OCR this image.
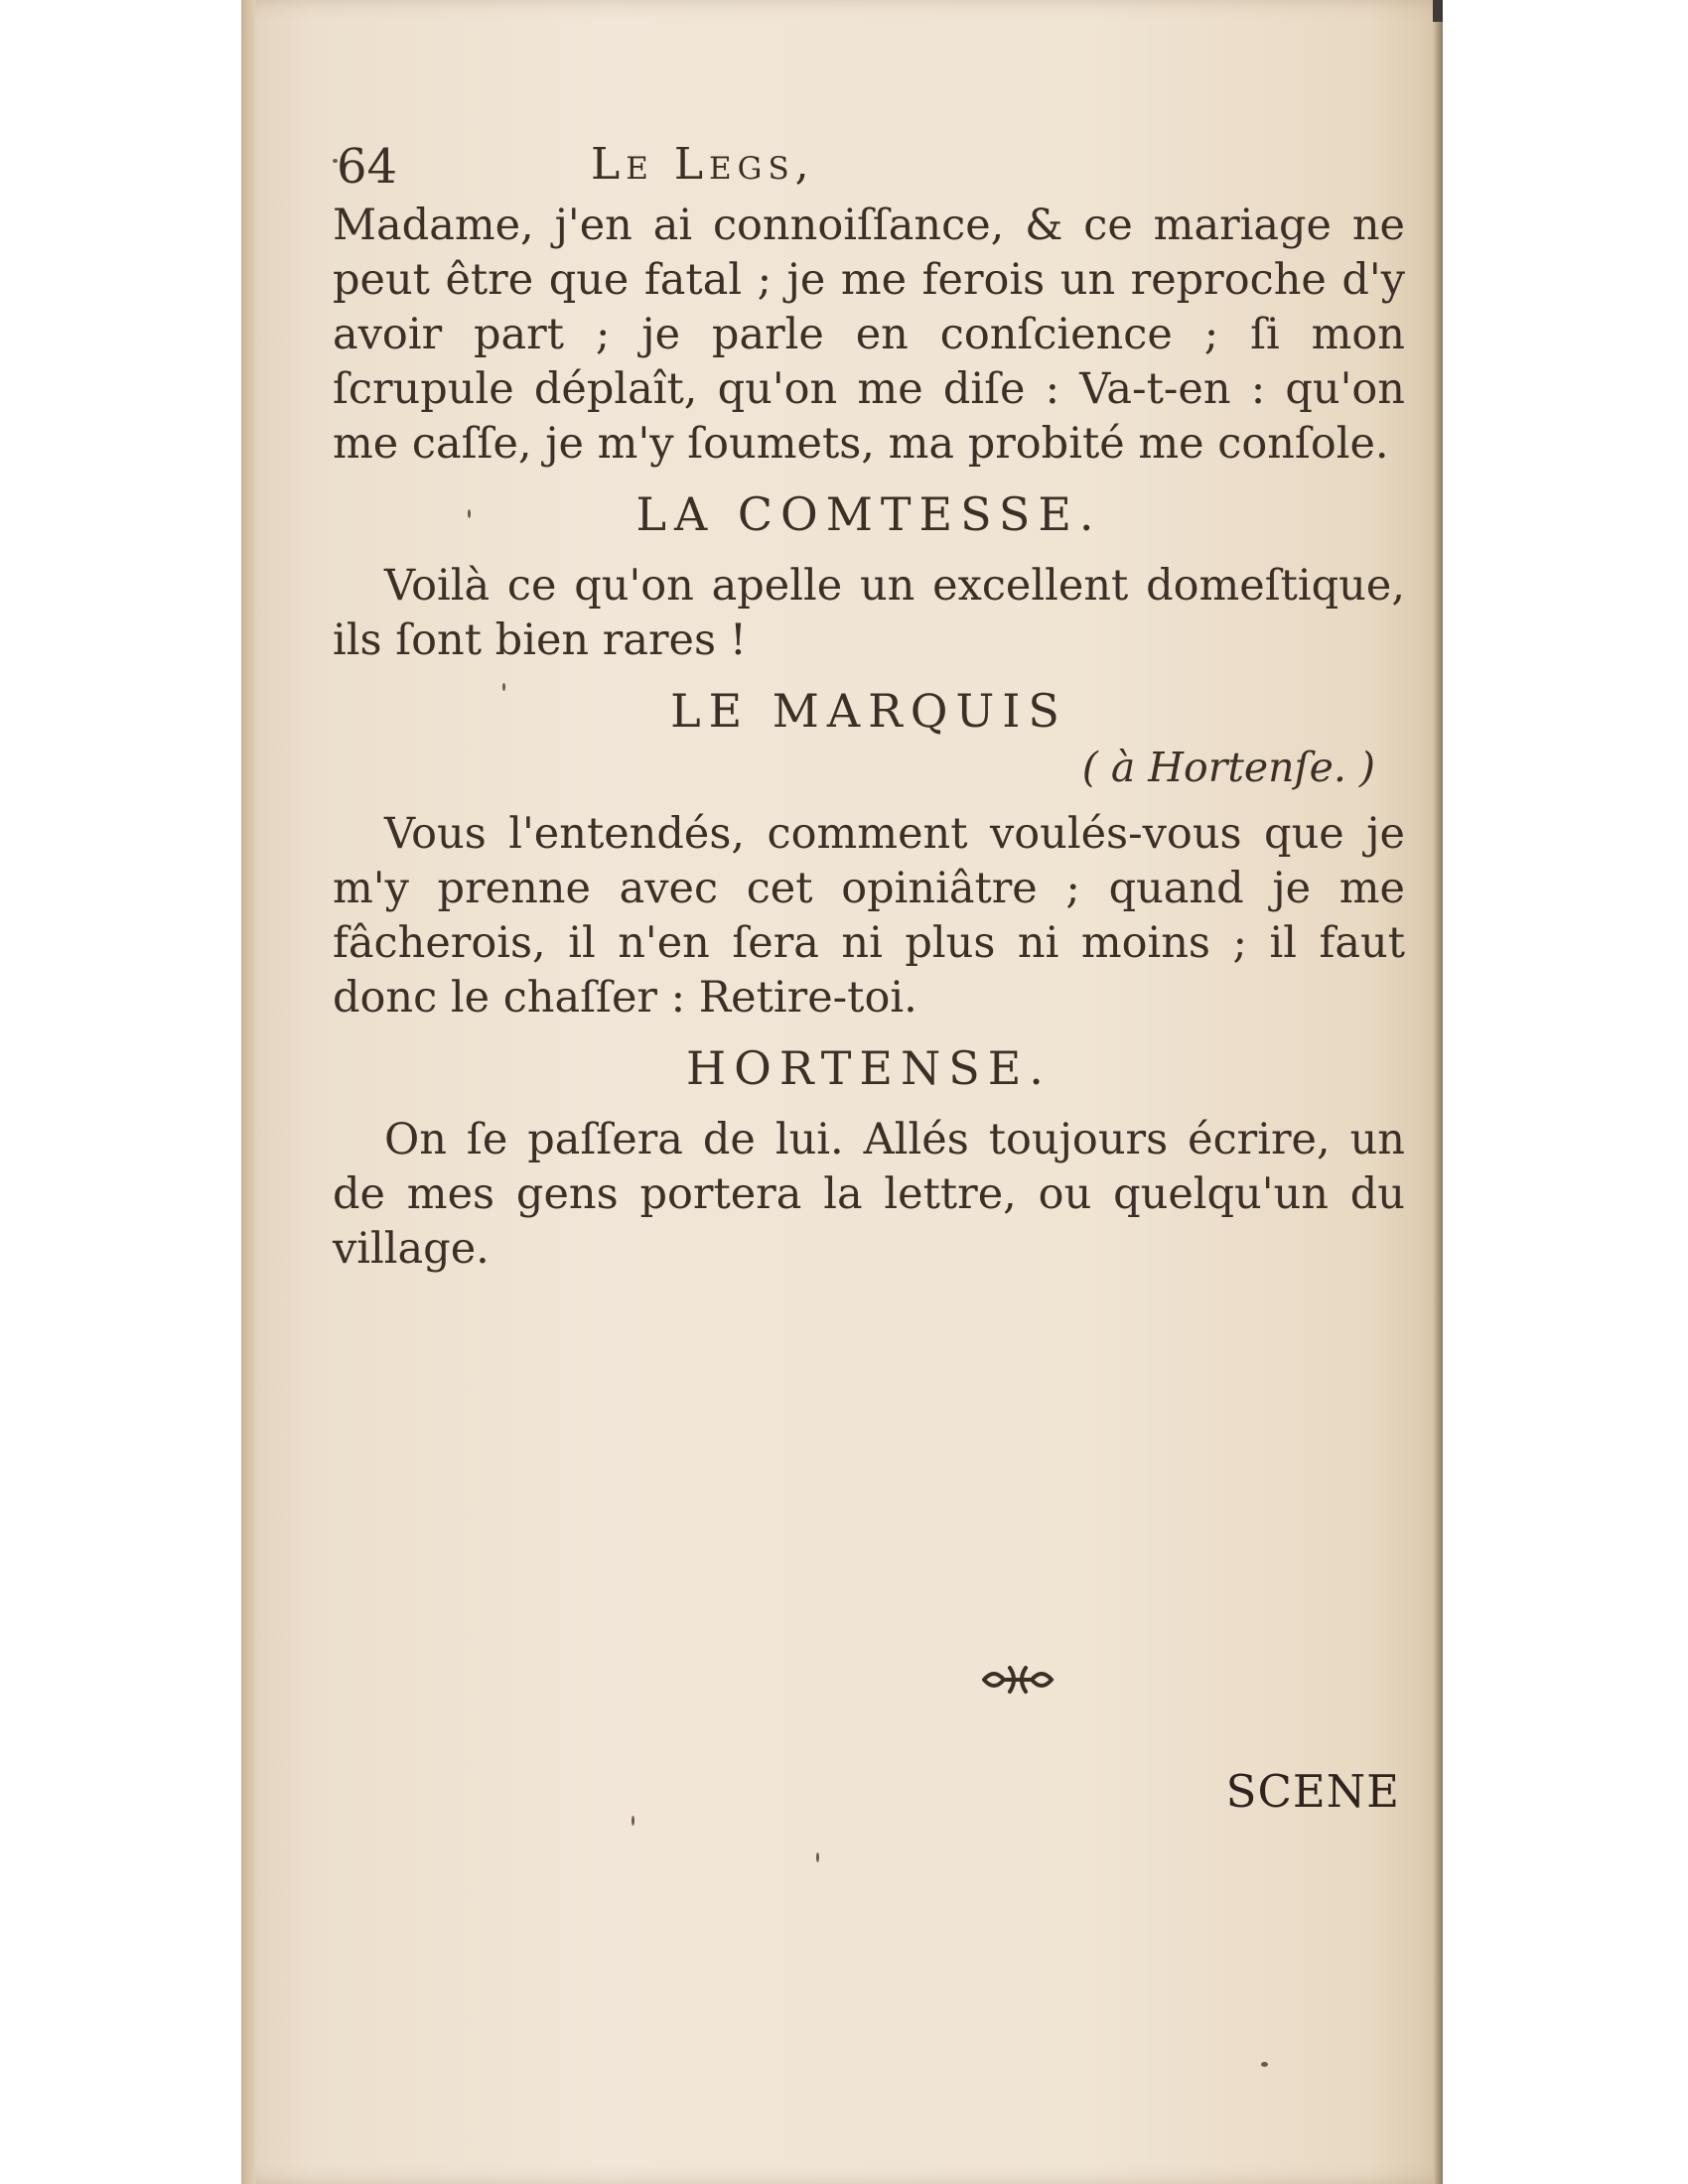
64	Le Legs,

Madame, j'en ai connoiſſance, & ce mariage ne peut être que fatal ; je me ferois un reproche d'y avoir part ; je parle en conſcience ; ſi mon ſcrupule déplaît, qu'on me diſe : Va-t-en : qu'on me caſſe, je m'y ſoumets, ma probité me conſole.

LA COMTESSE.

Voilà ce qu'on apelle un excellent domeſtique, ils ſont bien rares !

LE MARQUIS
( à Hortenſe. )

Vous l'entendés, comment voulés-vous que je m'y prenne avec cet opiniâtre ; quand je me fâcherois, il n'en ſera ni plus ni moins ; il faut donc le chaſſer : Retire-toi.

HORTENSE.

On ſe paſſera de lui. Allés toujours écrire, un de mes gens portera la lettre, ou quelqu'un du village.

SCENE
